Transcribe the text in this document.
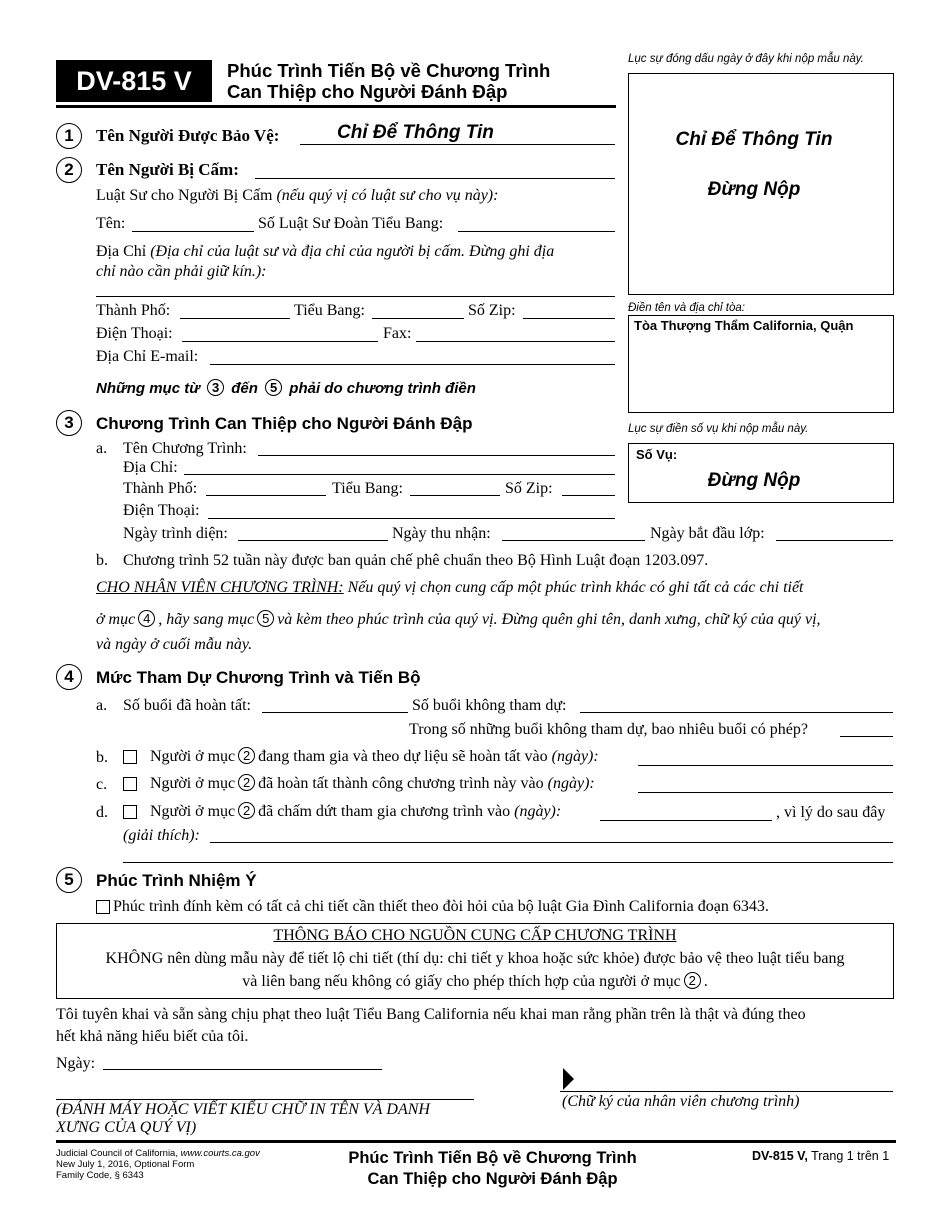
DV-815 V Phúc Trình Tiến Bộ về Chương Trình
Can Thiệp cho Người Đánh Đập
Lục sự đóng dấu ngày ở đây khi nộp mẫu này.
Chỉ Để Thông Tin
Đừng Nộp
Điền tên và địa chỉ tòa:
Tòa Thượng Thẩm California, Quận
Lục sự điền số vụ khi nộp mẫu này.
Số Vụ:
Đừng Nộp
1	Tên Người Được Bảo Vệ:	Chỉ Để Thông Tin
2	Tên Người Bị Cấm:
Luật Sư cho Người Bị Cấm (nếu quý vị có luật sư cho vụ này):
Tên:	Số Luật Sư Đoàn Tiểu Bang:
Địa Chỉ (Địa chỉ của luật sư và địa chỉ của người bị cấm. Đừng ghi địa
chỉ nào cần phải giữ kín.):
Thành Phố:	Tiểu Bang:	Số Zip:
Điện Thoại:	Fax:
Địa Chỉ E-mail:
Những mục từ 3 đến 5 phải do chương trình điền
3	Chương Trình Can Thiệp cho Người Đánh Đập
a. Tên Chương Trình:
Địa Chỉ:
Thành Phố:	Tiểu Bang:	Số Zip:
Điện Thoại:
Ngày trình diện:	Ngày thu nhận:	Ngày bắt đầu lớp:
b. Chương trình 52 tuần này được ban quản chế phê chuẩn theo Bộ Hình Luật đoạn 1203.097.
CHO NHÂN VIÊN CHƯƠNG TRÌNH: Nếu quý vị chọn cung cấp một phúc trình khác có ghi tất cả các chi tiết
ở mục 4 , hãy sang mục 5 và kèm theo phúc trình của quý vị. Đừng quên ghi tên, danh xưng, chữ ký của quý vị,
và ngày ở cuối mẫu này.
4	Mức Tham Dự Chương Trình và Tiến Bộ
a. Số buổi đã hoàn tất:	Số buổi không tham dự:
Trong số những buổi không tham dự, bao nhiêu buổi có phép?
b.	Người ở mục 2 đang tham gia và theo dự liệu sẽ hoàn tất vào (ngày):
c.	Người ở mục 2 đã hoàn tất thành công chương trình này vào (ngày):
d.	Người ở mục 2 đã chấm dứt tham gia chương trình vào (ngày):	, vì lý do sau đây
(giải thích):
5	Phúc Trình Nhiệm Ý
Phúc trình đính kèm có tất cả chi tiết cần thiết theo đòi hỏi của bộ luật Gia Đình California đoạn 6343.
THÔNG BÁO CHO NGUỒN CUNG CẤP CHƯƠNG TRÌNH
KHÔNG nên dùng mẫu này để tiết lộ chi tiết (thí dụ: chi tiết y khoa hoặc sức khỏe) được bảo vệ theo luật tiểu bang
và liên bang nếu không có giấy cho phép thích hợp của người ở mục 2 .
Tôi tuyên khai và sẵn sàng chịu phạt theo luật Tiểu Bang California nếu khai man rằng phần trên là thật và đúng theo
hết khả năng hiểu biết của tôi.
Ngày:
(ĐÁNH MÁY HOẶC VIẾT KIỂU CHỮ IN TÊN VÀ DANH
XƯNG CỦA QUÝ VỊ)
(Chữ ký của nhân viên chương trình)
Judicial Council of California, www.courts.ca.gov
New July 1, 2016, Optional Form
Family Code, § 6343
Phúc Trình Tiến Bộ về Chương Trình
Can Thiệp cho Người Đánh Đập
DV-815 V, Trang 1 trên 1
